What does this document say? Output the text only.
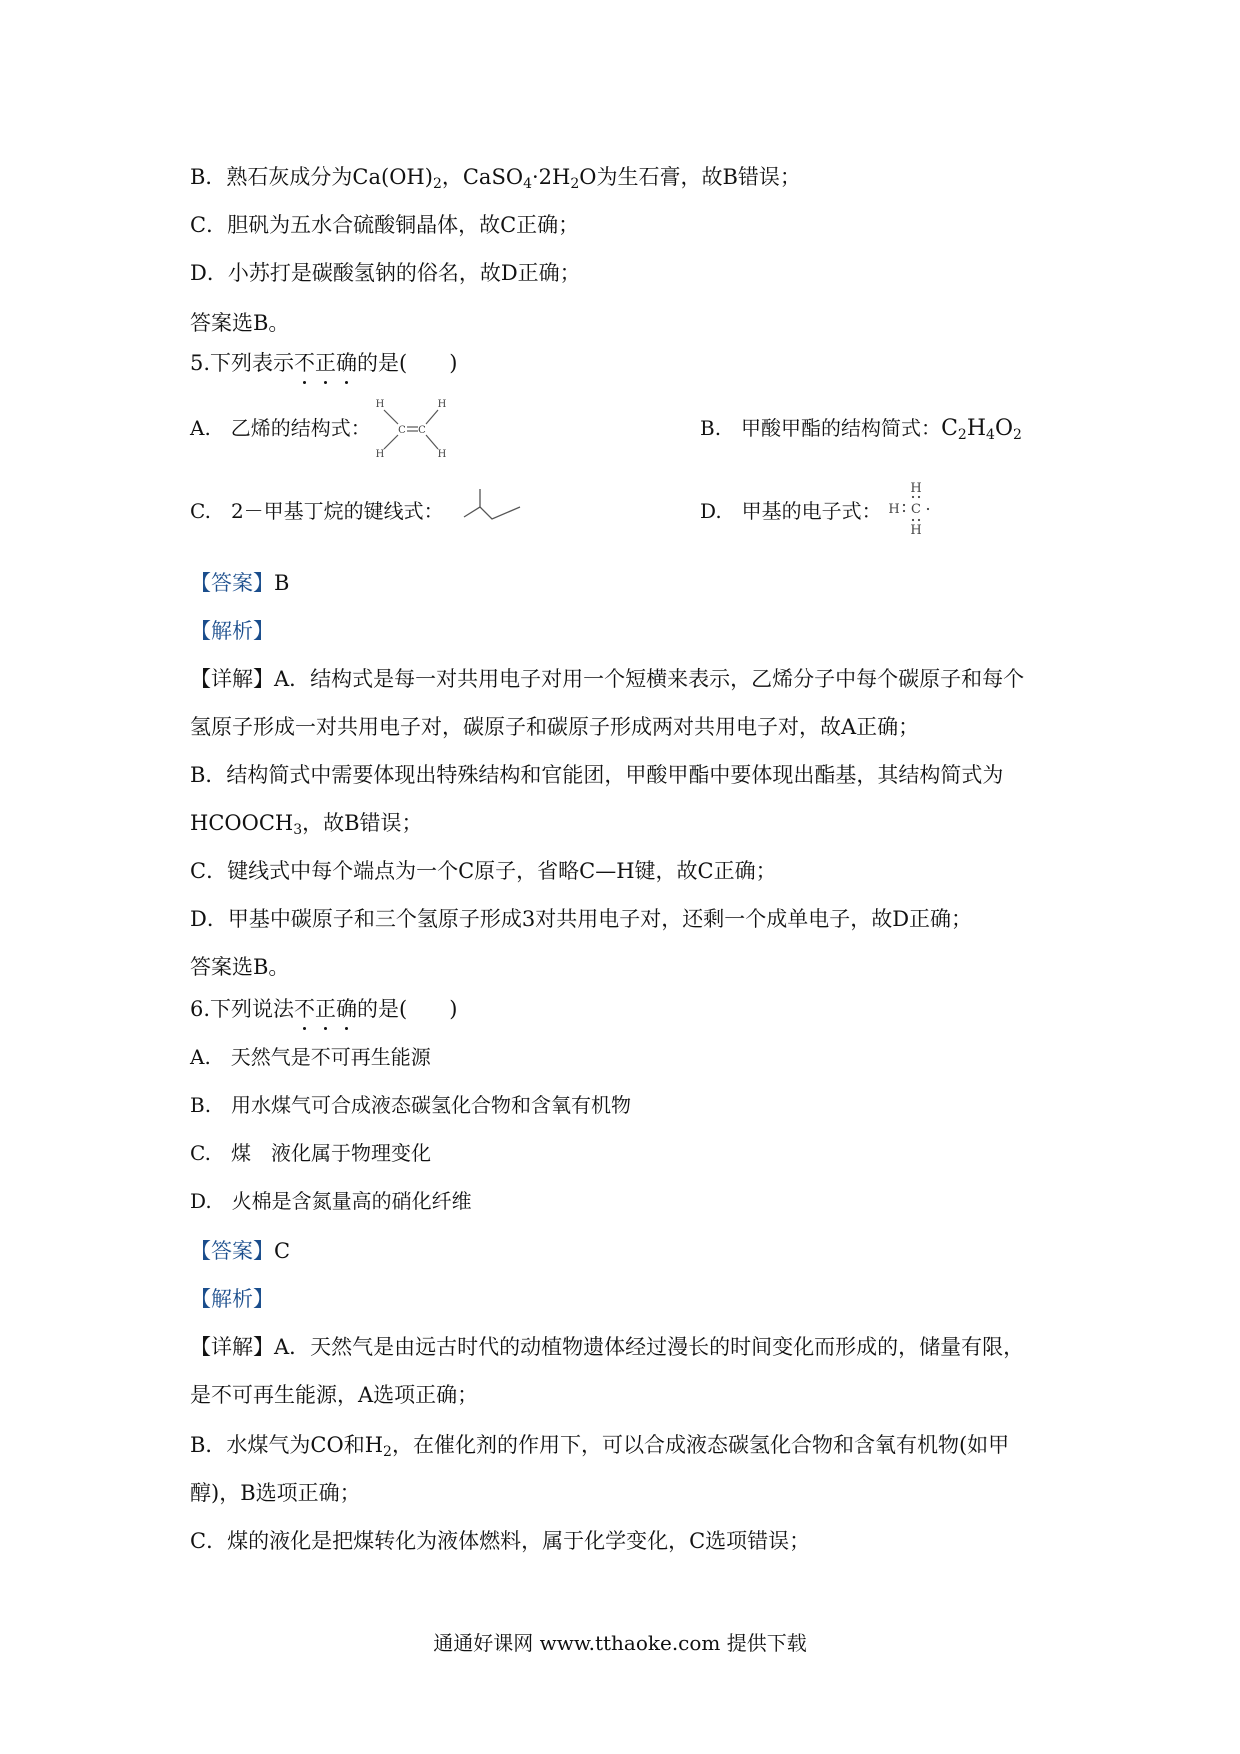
B．熟石灰成分为$Ca(OH)_2$，$CaSO_4\cdot 2H_2O$为生石膏，故B错误；
C．胆矾为五水合硫酸铜晶体，故C正确；
D．小苏打是碳酸氢钠的俗名，故D正确；
答案选B。
5.下列表示不正确的是(　　)
A.　乙烯的结构式：
H	H
H	H
C C	B.　甲酸甲酯的结构简式：$C_2H_4O_2$
C.　2－甲基丁烷的键线式：	D.　甲基的电子式：
H
H C
H
【答案】B
【解析】
【详解】A．结构式是每一对共用电子对用一个短横来表示，乙烯分子中每个碳原子和每个
氢原子形成一对共用电子对，碳原子和碳原子形成两对共用电子对，故A正确；
B．结构简式中需要体现出特殊结构和官能团，甲酸甲酯中要体现出酯基，其结构简式为
$HCOOCH_3$，故B错误；
C．键线式中每个端点为一个C原子，省略C—H键，故C正确；
D．甲基中碳原子和三个氢原子形成3对共用电子对，还剩一个成单电子，故D正确；
答案选B。
6.下列说法不正确的是(　　)
A.　天然气是不可再生能源
B.　用水煤气可合成液态碳氢化合物和含氧有机物
C.　煤　液化属于物理变化
D.　火棉是含氮量高的硝化纤维
【答案】C
【解析】
【详解】A．天然气是由远古时代的动植物遗体经过漫长的时间变化而形成的，储量有限，
是不可再生能源，A选项正确；
B．水煤气为CO和$H_2$，在催化剂的作用下，可以合成液态碳氢化合物和含氧有机物(如甲
醇)，B选项正确；
C．煤的液化是把煤转化为液体燃料，属于化学变化，C选项错误；
通通好课网 www.tthaoke.com 提供下载
